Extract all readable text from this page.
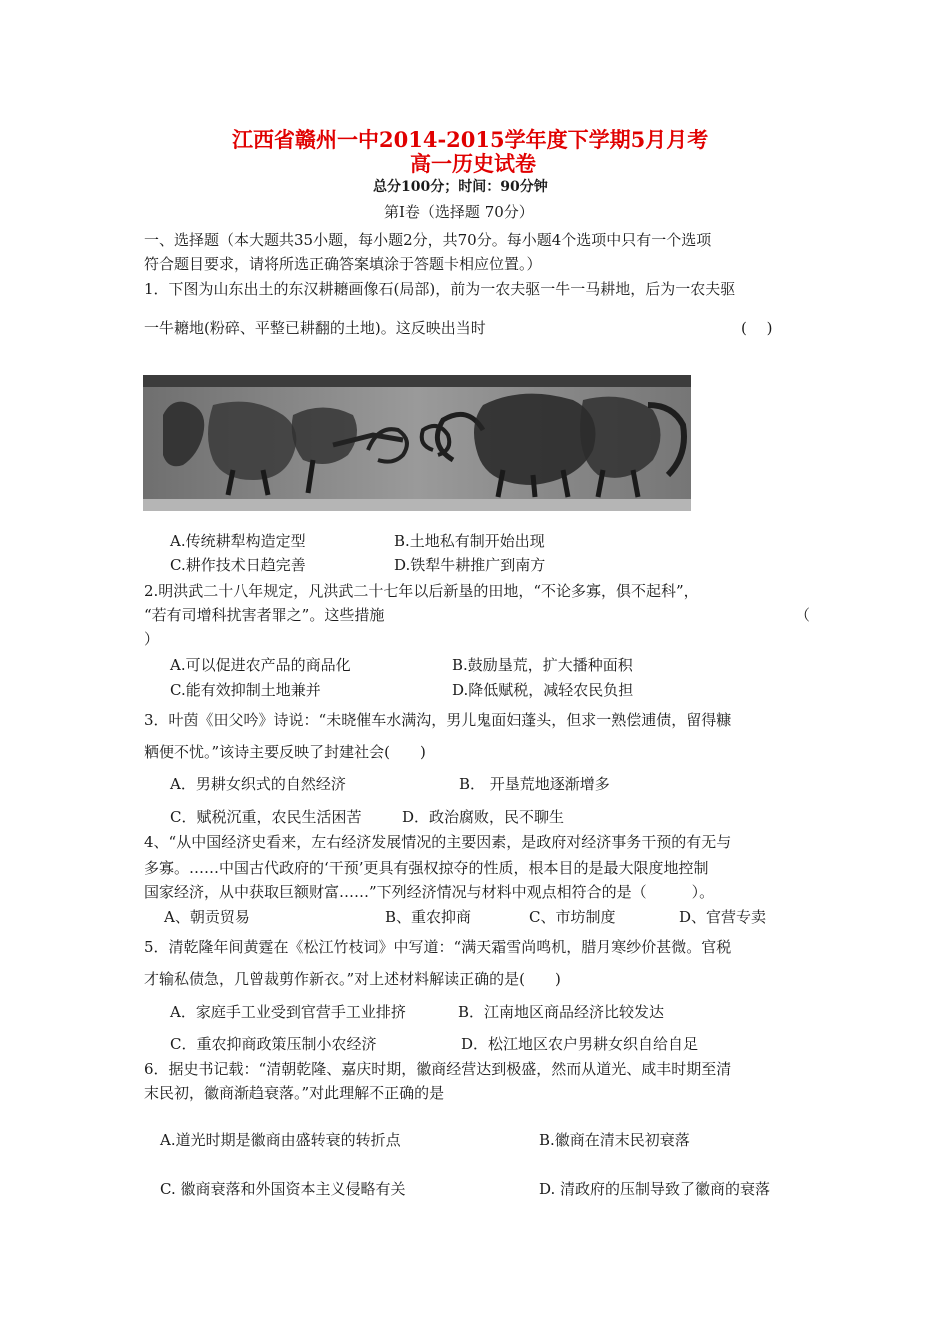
江西省赣州一中2014-2015学年度下学期5月月考
高一历史试卷
总分100分；时间：90分钟
第Ⅰ卷（选择题 70分）
一、选择题（本大题共35小题，每小题2分，共70分。每小题4个选项中只有一个选项
符合题目要求，请将所选正确答案填涂于答题卡相应位置。）
1．下图为山东出土的东汉耕耱画像石(局部)，前为一农夫驱一牛一马耕地，后为一农夫驱
一牛耱地(粉碎、平整已耕翻的土地)。这反映出当时	(　 )
A.传统耕犁构造定型	B.土地私有制开始出现
C.耕作技术日趋完善	D.铁犁牛耕推广到南方
2.明洪武二十八年规定，凡洪武二十七年以后新垦的田地，“不论多寡，俱不起科”，
“若有司增科扰害者罪之”。这些措施	（
）
A.可以促进农产品的商品化	B.鼓励垦荒，扩大播种面积
C.能有效抑制土地兼并	D.降低赋税，减轻农民负担
3．叶茵《田父吟》诗说：“未晓催车水满沟，男儿鬼面妇蓬头，但求一熟偿逋债，留得糠
粞便不忧。”该诗主要反映了封建社会(　　)
A．男耕女织式的自然经济	B． 开垦荒地逐渐增多
C．赋税沉重，农民生活困苦	D．政治腐败，民不聊生
4、“从中国经济史看来，左右经济发展情况的主要因素，是政府对经济事务干预的有无与
多寡。……中国古代政府的‘干预’更具有强权掠夺的性质，根本目的是最大限度地控制
国家经济，从中获取巨额财富……”下列经济情况与材料中观点相符合的是（　　　）。
A、朝贡贸易	B、重农抑商	C、市坊制度	D、官营专卖
5．清乾隆年间黄霆在《松江竹枝词》中写道：“满天霜雪尚鸣机，腊月寒纱价甚微。官税
才输私债急，几曾裁剪作新衣。”对上述材料解读正确的是(　　)
A．家庭手工业受到官营手工业排挤	B．江南地区商品经济比较发达
C．重农抑商政策压制小农经济	D．松江地区农户男耕女织自给自足
6．据史书记载：“清朝乾隆、嘉庆时期，徽商经营达到极盛，然而从道光、咸丰时期至清
末民初，徽商渐趋衰落。”对此理解不正确的是
A.道光时期是徽商由盛转衰的转折点	B.徽商在清末民初衰落
C. 徽商衰落和外国资本主义侵略有关	D. 清政府的压制导致了徽商的衰落
